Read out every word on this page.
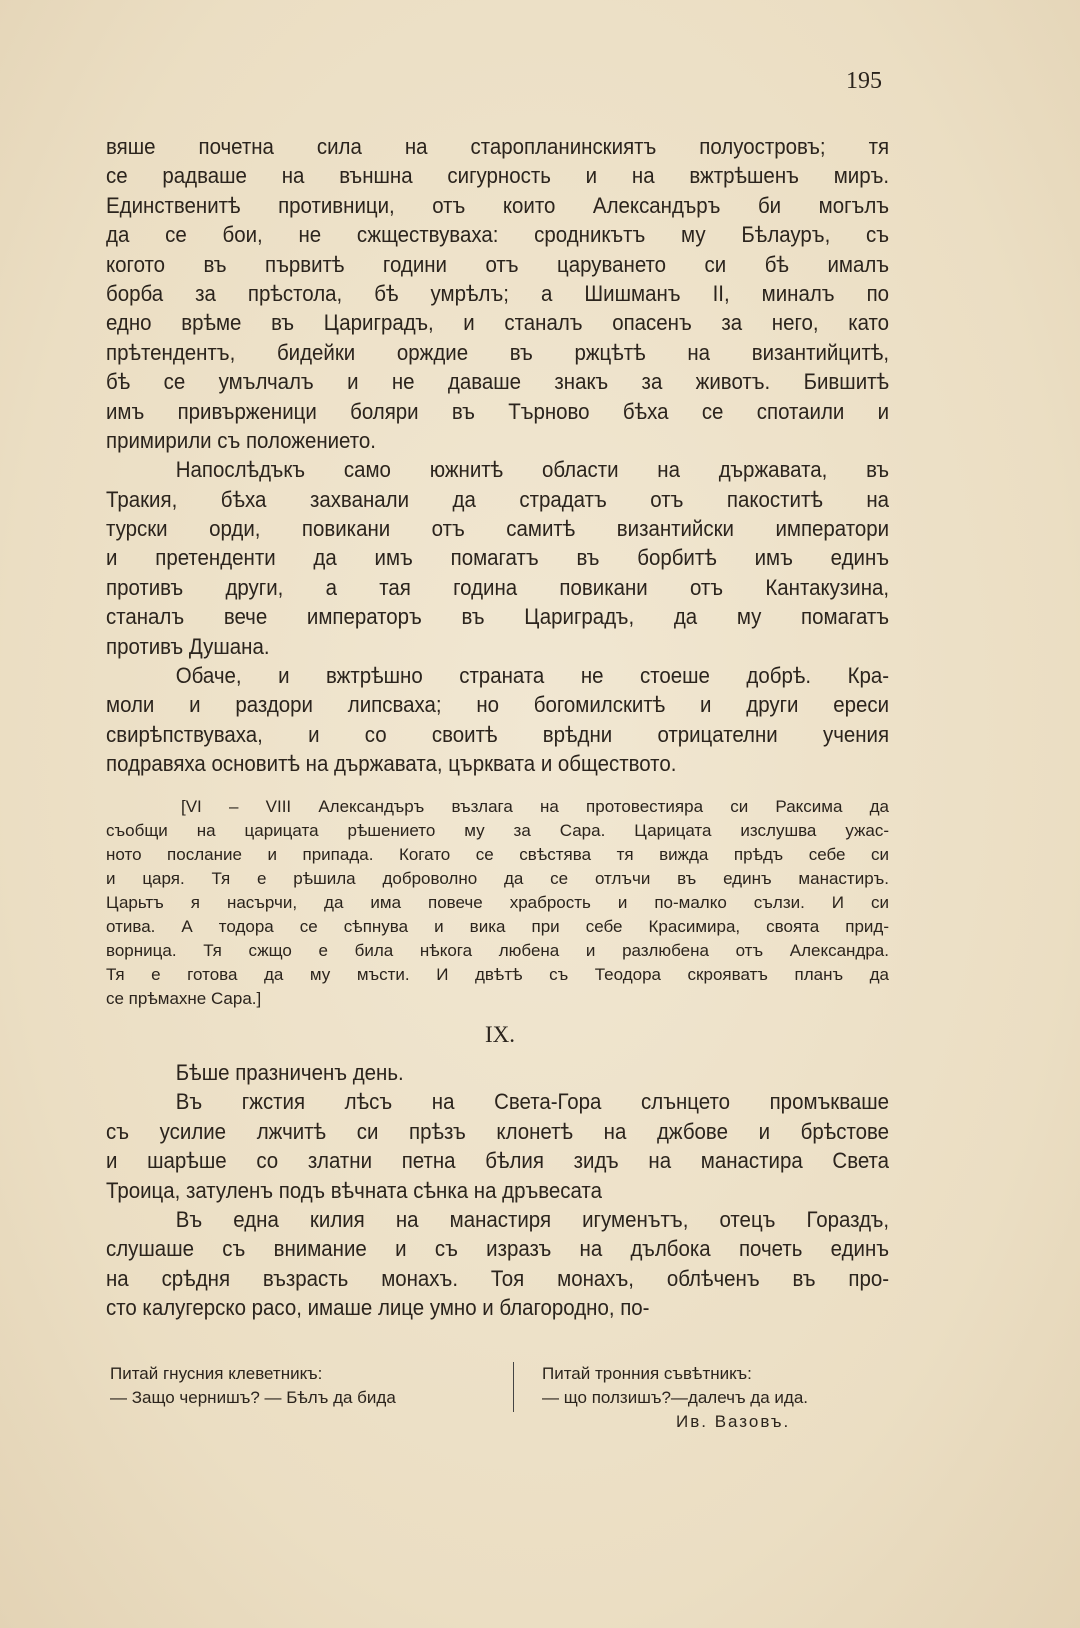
195
вяше почетна сила на старопланинскиятъ полуостровъ; тя
се радваше на външна сигурность и на вжтрѣшенъ миръ.
Единственитѣ противници, отъ които Александъръ би могълъ
да се бои, не сжществуваха: сродникътъ му Бѣлауръ, съ
когото въ първитѣ години отъ царуването си бѣ ималъ
борба за прѣстола, бѣ умрѣлъ; а Шишманъ II, миналъ по
едно врѣме въ Цариградъ, и станалъ опасенъ за него, като
прѣтендентъ, бидейки орждие въ ржцѣтѣ на византийцитѣ,
бѣ се умълчалъ и не даваше знакъ за животъ. Бившитѣ
имъ привърженици боляри въ Търново бѣха се спотаили и
примирили съ положението.
Напослѣдъкъ само южнитѣ области на държавата, въ
Тракия, бѣха захванали да страдатъ отъ пакоститѣ на
турски орди, повикани отъ самитѣ византийски императори
и претенденти да имъ помагатъ въ борбитѣ имъ единъ
противъ други, а тая година повикани отъ Кантакузина,
станалъ вече императоръ въ Цариградъ, да му помагатъ
противъ Душана.
Обаче, и вжтрѣшно страната не стоеше добрѣ. Кра-
моли и раздори липсваха; но богомилскитѣ и други ереси
свирѣпствуваха, и со своитѣ врѣдни отрицателни учения
подравяха основитѣ на държавата, църквата и обществото.
[VI – VIII Александъръ възлага на протовестияра си Раксима да
съобщи на царицата рѣшението му за Сара. Царицата изслушва ужас-
ното послание и припада. Когато се свѣстява тя вижда прѣдъ себе си
и царя. Тя е рѣшила доброволно да се отлъчи въ единъ манастиръ.
Царьтъ я насърчи, да има повече храбрость и по-малко сълзи. И си
отива. А тодора се сѣпнува и вика при себе Красимира, своята прид-
ворница. Тя сжщо е била нѣкога любена и разлюбена отъ Александра.
Тя е готова да му мъсти. И двѣтѣ съ Теодора скрояватъ планъ да
се прѣмахне Сара.]
IX.
Бѣше празниченъ день.
Въ гжстия лѣсъ на Света-Гора слънцето промъкваше
съ усилие лжчитѣ си прѣзъ клонетѣ на джбове и брѣстове
и шарѣше со златни петна бѣлия зидъ на манастира Света
Троица, затуленъ подъ вѣчната сѣнка на дръвесата
Въ една килия на манастиря игуменътъ, отецъ Гораздъ,
слушаше съ внимание и съ изразъ на дълбока почеть единъ
на срѣдня възрасть монахъ. Тоя монахъ, облѣченъ въ про-
сто калугерско расо, имаше лице умно и благородно, по-
Питай гнусния клеветникъ:
— Защо чернишъ? — Бѣлъ да бида
Питай тронния съвѣтникъ:
— що ползишъ?—далечъ да ида.
Ив. Вазовъ.
